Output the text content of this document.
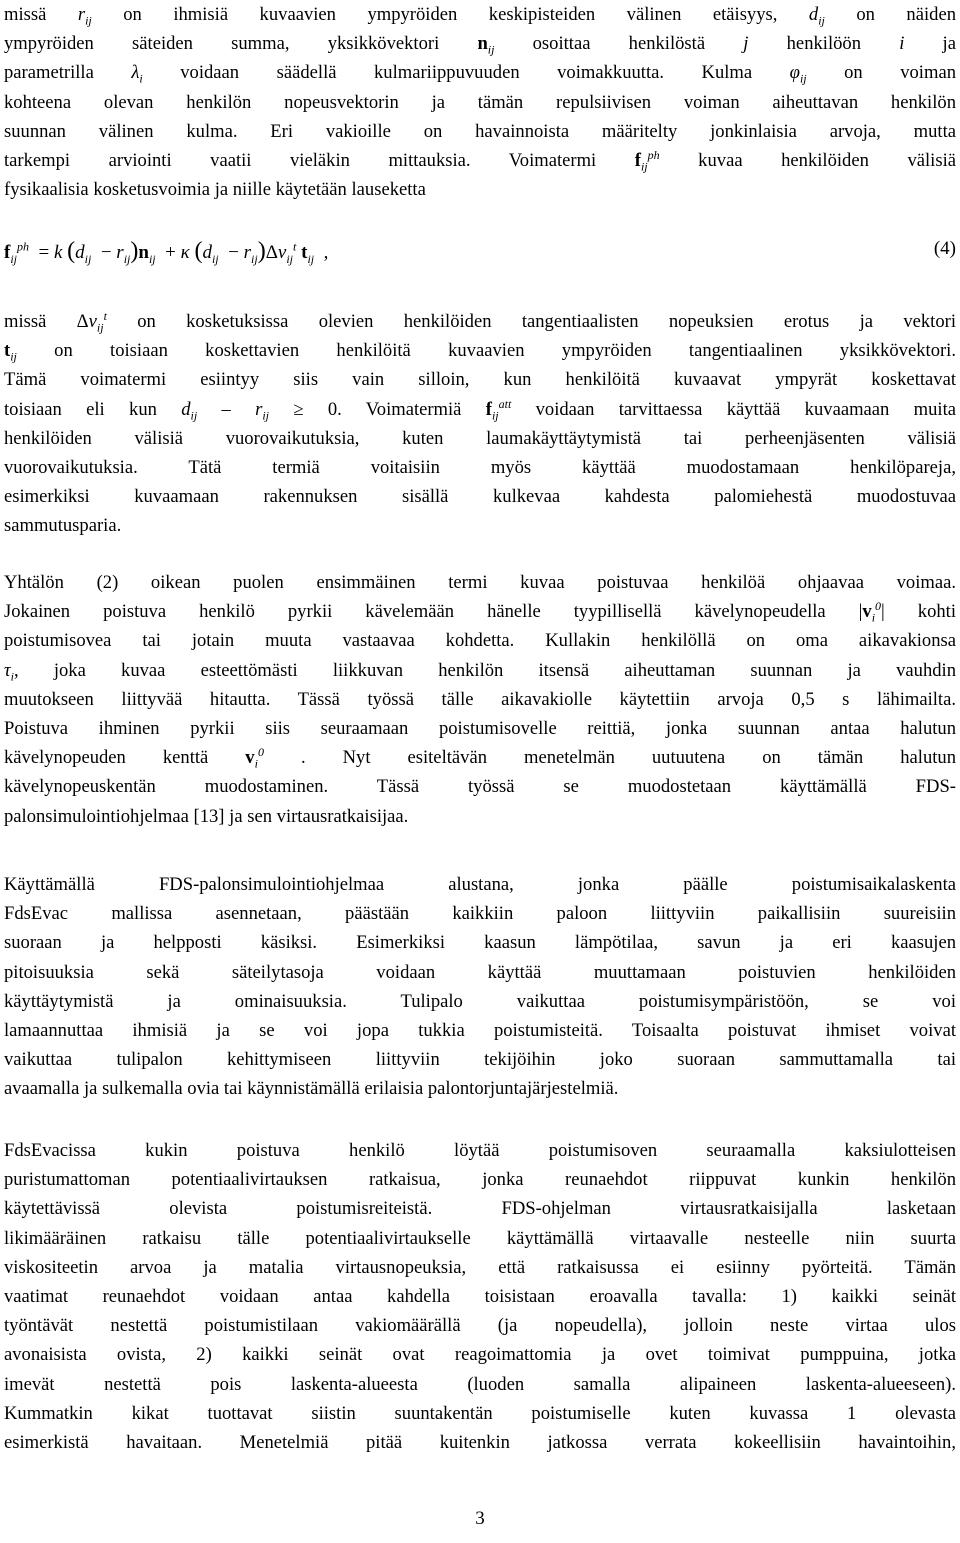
missä $r_{ij}$ on ihmisiä kuvaavien ympyröiden keskipisteiden välinen etäisyys, $d_{ij}$ on näiden
ympyröiden säteiden summa, yksikkövektori $n_{ij}$ osoittaa henkilöstä j henkilöön i ja
parametrilla $\lambda_i$ voidaan säädellä kulmariippuvuuden voimakkuutta. Kulma $\varphi_{ij}$ on voiman
kohteena olevan henkilön nopeusvektorin ja tämän repulsiivisen voiman aiheuttavan henkilön
suunnan välinen kulma. Eri vakioille on havainnoista määritelty jonkinlaisia arvoja, mutta
tarkempi arviointi vaatii vieläkin mittauksia. Voimatermi $f_{ij}^{ph}$ kuvaa henkilöiden välisiä
fysikaalisia kosketusvoimia ja niille käytetään lauseketta
$f_{ij}^{ph} = k$ $(d_{ij} - r_{ij})n_{ij} + \kappa$ $(d_{ij} - r_{ij})\Delta v_{ij}^t$ $t_{ij}$  ,	(4)
missä $\Delta v_{ij}^t$ on kosketuksissa olevien henkilöiden tangentiaalisten nopeuksien erotus ja vektori
$t_{ij}$ on toisiaan koskettavien henkilöitä kuvaavien ympyröiden tangentiaalinen yksikkövektori.
Tämä voimatermi esiintyy siis vain silloin, kun henkilöitä kuvaavat ympyrät koskettavat
toisiaan eli kun $d_{ij} - r_{ij} \ge 0$. Voimatermiä $f_{ij}^{att}$ voidaan tarvittaessa käyttää kuvaamaan muita
henkilöiden välisiä vuorovaikutuksia, kuten laumakäyttäytymistä tai perheenjäsenten välisiä
vuorovaikutuksia. Tätä termiä voitaisiin myös käyttää muodostamaan henkilöpareja,
esimerkiksi kuvaamaan rakennuksen sisällä kulkevaa kahdesta palomiehestä muodostuvaa
sammutusparia.
Yhtälön (2) oikean puolen ensimmäinen termi kuvaa poistuvaa henkilöä ohjaavaa voimaa.
Jokainen poistuva henkilö pyrkii kävelemään hänelle tyypillisellä kävelynopeudella $|v_i^0|$ kohti
poistumisovea tai jotain muuta vastaavaa kohdetta. Kullakin henkilöllä on oma aikavakionsa
$\tau_i$, joka kuvaa esteettömästi liikkuvan henkilön itsensä aiheuttaman suunnan ja vauhdin
muutokseen liittyvää hitautta. Tässä työssä tälle aikavakiolle käytettiin arvoja 0,5 s lähimailta.
Poistuva ihminen pyrkii siis seuraamaan poistumisovelle reittiä, jonka suunnan antaa halutun
kävelynopeuden kenttä $v_i^0$ . Nyt esiteltävän menetelmän uutuutena on tämän halutun
kävelynopeuskentän muodostaminen. Tässä työssä se muodostetaan käyttämällä FDS-
palonsimulointiohjelmaa [13] ja sen virtausratkaisijaa.
Käyttämällä FDS-palonsimulointiohjelmaa alustana, jonka päälle poistumisaikalaskenta
FdsEvac mallissa asennetaan, päästään kaikkiin paloon liittyviin paikallisiin suureisiin
suoraan ja helpposti käsiksi. Esimerkiksi kaasun lämpötilaa, savun ja eri kaasujen
pitoisuuksia sekä säteilytasoja voidaan käyttää muuttamaan poistuvien henkilöiden
käyttäytymistä ja ominaisuuksia. Tulipalo vaikuttaa poistumisympäristöön, se voi
lamaannuttaa ihmisiä ja se voi jopa tukkia poistumisteitä. Toisaalta poistuvat ihmiset voivat
vaikuttaa tulipalon kehittymiseen liittyviin tekijöihin joko suoraan sammuttamalla tai
avaamalla ja sulkemalla ovia tai käynnistämällä erilaisia palontorjuntajärjestelmiä.
FdsEvacissa kukin poistuva henkilö löytää poistumisoven seuraamalla kaksiulotteisen
puristumattoman potentiaalivirtauksen ratkaisua, jonka reunaehdot riippuvat kunkin henkilön
käytettävissä olevista poistumisreiteistä. FDS-ohjelman virtausratkaisijalla lasketaan
likimääräinen ratkaisu tälle potentiaalivirtaukselle käyttämällä virtaavalle nesteelle niin suurta
viskositeetin arvoa ja matalia virtausnopeuksia, että ratkaisussa ei esiinny pyörteitä. Tämän
vaatimat reunaehdot voidaan antaa kahdella toisistaan eroavalla tavalla: 1) kaikki seinät
työntävät nestettä poistumistilaan vakiomäärällä (ja nopeudella), jolloin neste virtaa ulos
avonaisista ovista, 2) kaikki seinät ovat reagoimattomia ja ovet toimivat pumppuina, jotka
imevät nestettä pois laskenta-alueesta (luoden samalla alipaineen laskenta-alueeseen).
Kummatkin kikat tuottavat siistin suuntakentän poistumiselle kuten kuvassa 1 olevasta
esimerkistä havaitaan. Menetelmiä pitää kuitenkin jatkossa verrata kokeellisiin havaintoihin,
3
